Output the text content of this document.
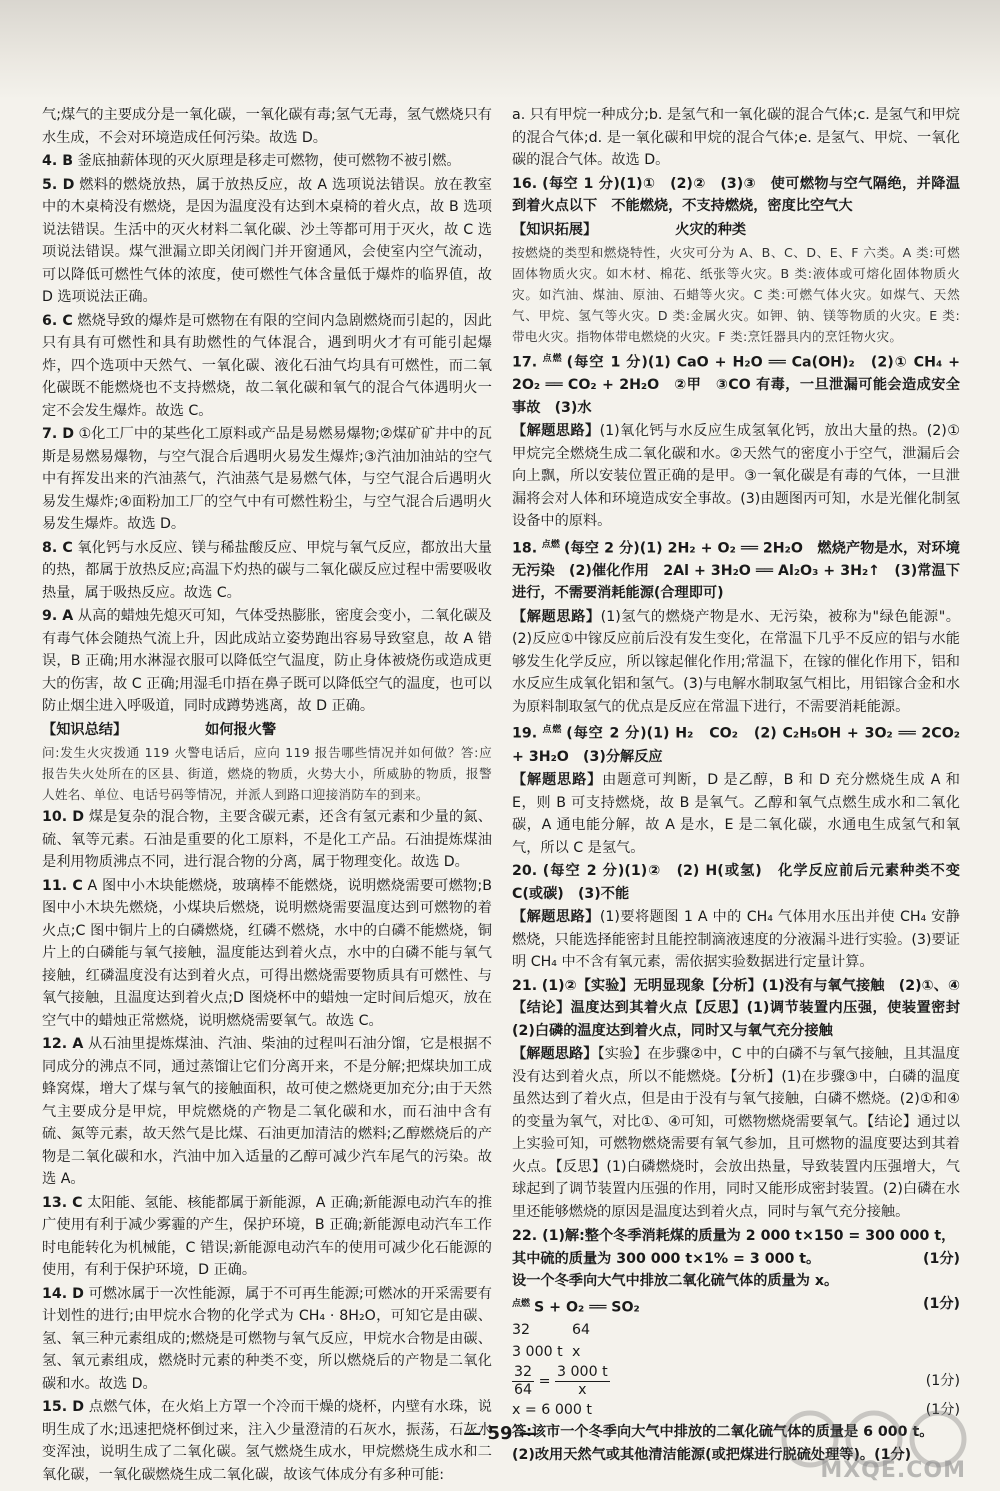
气;煤气的主要成分是一氧化碳，一氧化碳有毒;氢气无毒，氢气燃烧只有水生成，不会对环境造成任何污染。故选 D。

4. B 釜底抽薪体现的灭火原理是移走可燃物，使可燃物不被引燃。

5. D 燃料的燃烧放热，属于放热反应，故 A 选项说法错误。放在教室中的木桌椅没有燃烧，是因为温度没有达到木桌椅的着火点，故 B 选项说法错误。生活中的灭火材料二氧化碳、沙土等都可用于灭火，故 C 选项说法错误。煤气泄漏立即关闭阀门并开窗通风，会使室内空气流动，可以降低可燃性气体的浓度，使可燃性气体含量低于爆炸的临界值，故 D 选项说法正确。

6. C 燃烧导致的爆炸是可燃物在有限的空间内急剧燃烧而引起的，因此只有具有可燃性和具有助燃性的气体混合，遇到明火才有可能引起爆炸，四个选项中天然气、一氧化碳、液化石油气均具有可燃性，而二氧化碳既不能燃烧也不支持燃烧，故二氧化碳和氧气的混合气体遇明火一定不会发生爆炸。故选 C。

7. D ①化工厂中的某些化工原料或产品是易燃易爆物;②煤矿矿井中的瓦斯是易燃易爆物，与空气混合后遇明火易发生爆炸;③汽油加油站的空气中有挥发出来的汽油蒸气，汽油蒸气是易燃气体，与空气混合后遇明火易发生爆炸;④面粉加工厂的空气中有可燃性粉尘，与空气混合后遇明火易发生爆炸。故选 D。

8. C 氧化钙与水反应、镁与稀盐酸反应、甲烷与氧气反应，都放出大量的热，都属于放热反应;高温下灼热的碳与二氧化碳反应过程中需要吸收热量，属于吸热反应。故选 C。

9. A 从高的蜡烛先熄灭可知，气体受热膨胀，密度会变小，二氧化碳及有毒气体会随热气流上升，因此成站立姿势跑出容易导致窒息，故 A 错误，B 正确;用水淋湿衣服可以降低空气温度，防止身体被烧伤或造成更大的伤害，故 C 正确;用湿毛巾捂在鼻子既可以降低空气的温度，也可以防止烟尘进入呼吸道，同时成蹲势逃离，故 D 正确。

【知识总结】　　　　　　	如何报火警

问:发生火灾拨通 119 火警电话后，应向 119 报告哪些情况并如何做？答:应报告失火处所在的区县、街道，燃烧的物质，火势大小，所威胁的物质，报警人姓名、单位、电话号码等情况，并派人到路口迎接消防车的到来。

10. D 煤是复杂的混合物，主要含碳元素，还含有氢元素和少量的氮、硫、氧等元素。石油是重要的化工原料，不是化工产品。石油提炼煤油是利用物质沸点不同，进行混合物的分离，属于物理变化。故选 D。

11. C A 图中小木块能燃烧，玻璃棒不能燃烧，说明燃烧需要可燃物;B 图中小木块先燃烧，小煤块后燃烧，说明燃烧需要温度达到可燃物的着火点;C 图中铜片上的白磷燃烧，红磷不燃烧，水中的白磷不能燃烧，铜片上的白磷能与氧气接触，温度能达到着火点，水中的白磷不能与氧气接触，红磷温度没有达到着火点，可得出燃烧需要物质具有可燃性、与氧气接触，且温度达到着火点;D 图烧杯中的蜡烛一定时间后熄灭，放在空气中的蜡烛正常燃烧，说明燃烧需要氧气。故选 C。

12. A 从石油里提炼煤油、汽油、柴油的过程叫石油分馏，它是根据不同成分的沸点不同，通过蒸馏让它们分离开来，不是分解;把煤块加工成蜂窝煤，增大了煤与氧气的接触面积，故可使之燃烧更加充分;由于天然气主要成分是甲烷，甲烷燃烧的产物是二氧化碳和水，而石油中含有硫、氮等元素，故天然气是比煤、石油更加清洁的燃料;乙醇燃烧后的产物是二氧化碳和水，汽油中加入适量的乙醇可减少汽车尾气的污染。故选 A。

13. C 太阳能、氢能、核能都属于新能源，A 正确;新能源电动汽车的推广使用有利于减少雾霾的产生，保护环境，B 正确;新能源电动汽车工作时电能转化为机械能，C 错误;新能源电动汽车的使用可减少化石能源的使用，有利于保护环境，D 正确。

14. D 可燃冰属于一次性能源，属于不可再生能源;可燃冰的开采需要有计划性的进行;由甲烷水合物的化学式为 CH₄ · 8H₂O，可知它是由碳、氢、氧三种元素组成的;燃烧是可燃物与氧气反应，甲烷水合物是由碳、氢、氧元素组成，燃烧时元素的种类不变，所以燃烧后的产物是二氧化碳和水。故选 D。

15. D 点燃气体，在火焰上方罩一个冷而干燥的烧杯，内壁有水珠，说明生成了水;迅速把烧杯倒过来，注入少量澄清的石灰水，振荡，石灰水变浑浊，说明生成了二氧化碳。氢气燃烧生成水，甲烷燃烧生成水和二氧化碳，一氧化碳燃烧生成二氧化碳，故该气体成分有多种可能:

a. 只有甲烷一种成分;b. 是氢气和一氧化碳的混合气体;c. 是氢气和甲烷的混合气体;d. 是一氧化碳和甲烷的混合气体;e. 是氢气、甲烷、一氧化碳的混合气体。故选 D。

16. (每空 1 分)(1)①　(2)②　(3)③　使可燃物与空气隔绝，并降温到着火点以下　不能燃烧，不支持燃烧，密度比空气大

【知识拓展】　　　　　　	火灾的种类

按燃烧的类型和燃烧特性，火灾可分为 A、B、C、D、E、F 六类。A 类:可燃固体物质火灾。如木材、棉花、纸张等火灾。B 类:液体或可熔化固体物质火灾。如汽油、煤油、原油、石蜡等火灾。C 类:可燃气体火灾。如煤气、天然气、甲烷、氢气等火灾。D 类:金属火灾。如钾、钠、镁等物质的火灾。E 类:带电火灾。指物体带电燃烧的火灾。F 类:烹饪器具内的烹饪物火灾。

17. $^{点燃}$ (每空 1 分)(1) CaO + H₂O ══ Ca(OH)₂　(2)① CH₄ + 2O₂ ══ CO₂ + 2H₂O　②甲　③CO 有毒，一旦泄漏可能会造成安全事故　(3)水

【解题思路】(1)氧化钙与水反应生成氢氧化钙，放出大量的热。(2)①甲烷完全燃烧生成二氧化碳和水。②天然气的密度小于空气，泄漏后会向上飘，所以安装位置正确的是甲。③一氧化碳是有毒的气体，一旦泄漏将会对人体和环境造成安全事故。(3)由题图丙可知，水是光催化制氢设备中的原料。

18. $^{点燃}$ (每空 2 分)(1) 2H₂ + O₂ ══ 2H₂O　燃烧产物是水，对环境无污染　(2)催化作用　2Al + 3H₂O ══ Al₂O₃ + 3H₂↑　(3)常温下进行，不需要消耗能源(合理即可)

【解题思路】(1)氢气的燃烧产物是水、无污染，被称为"绿色能源"。(2)反应①中镓反应前后没有发生变化，在常温下几乎不反应的铝与水能够发生化学反应，所以镓起催化作用;常温下，在镓的催化作用下，铝和水反应生成氧化铝和氢气。(3)与电解水制取氢气相比，用铝镓合金和水为原料制取氢气的优点是反应在常温下进行，不需要消耗能源。

19. $^{点燃}$ (每空 2 分)(1) H₂　CO₂　(2) C₂H₅OH + 3O₂ ══ 2CO₂ + 3H₂O　(3)分解反应

【解题思路】由题意可判断，D 是乙醇，B 和 D 充分燃烧生成 A 和 E，则 B 可支持燃烧，故 B 是氧气。乙醇和氧气点燃生成水和二氧化碳，A 通电能分解，故 A 是水，E 是二氧化碳，水通电生成氢气和氧气，所以 C 是氢气。

20. (每空 2 分)(1)②　(2) H(或氢)　化学反应前后元素种类不变　C(或碳)　(3)不能

【解题思路】(1)要将题图 1 A 中的 CH₄ 气体用水压出并使 CH₄ 安静燃烧，只能选择能密封且能控制滴液速度的分液漏斗进行实验。(3)要证明 CH₄ 中不含有氧元素，需依据实验数据进行定量计算。

21. (1)②【实验】无明显现象【分析】(1)没有与氧气接触　(2)①、④【结论】温度达到其着火点【反思】(1)调节装置内压强，使装置密封　(2)白磷的温度达到着火点，同时又与氧气充分接触

【解题思路】【实验】在步骤②中，C 中的白磷不与氧气接触，且其温度没有达到着火点，所以不能燃烧。【分析】(1)在步骤③中，白磷的温度虽然达到了着火点，但是由于没有与氧气接触，白磷不燃烧。(2)①和④的变量为氧气，对比①、④可知，可燃物燃烧需要氧气。【结论】通过以上实验可知，可燃物燃烧需要有氧气参加，且可燃物的温度要达到其着火点。【反思】(1)白磷燃烧时，会放出热量，导致装置内压强增大，气球起到了调节装置内压强的作用，同时又能形成密封装置。(2)白磷在水里还能够燃烧的原因是温度达到着火点，同时与氧气充分接触。

22. (1)解:整个冬季消耗煤的质量为 2 000 t×150 = 300 000 t，
其中硫的质量为 300 000 t×1% = 3 000 t。	(1分)
设一个冬季向大气中排放二氧化硫气体的质量为 x。
$^{点燃}$ S + O₂ ══ SO₂	(1分)
32	64
3 000 t x
$\frac{32}{64} = \frac{3 000 t}{x}$	(1分)
x = 6 000 t	(1分)
答:该市一个冬季向大气中排放的二氧化硫气体的质量是 6 000 t。
(2)改用天然气或其他清洁能源(或把煤进行脱硫处理等)。(1分)
— 59 —
MXQE.COM
